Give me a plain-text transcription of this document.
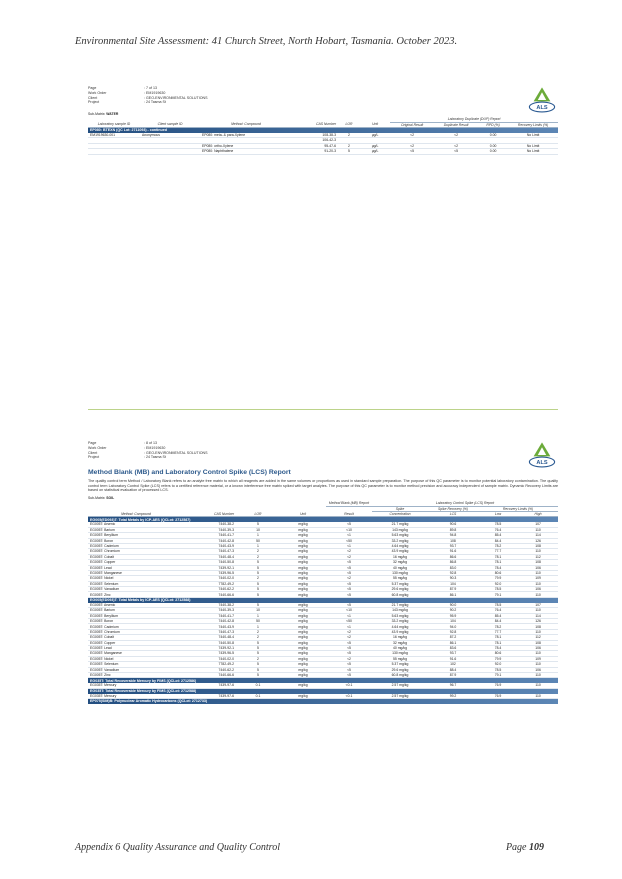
Environmental Site Assessment: 41 Church Street, North Hobart, Tasmania. October 2023.
Page	: 7 of 13
Work Order	: EM1919630
Client	: GEO-ENVIRONMENTAL SOLUTIONS
Project	: 24 Tasma St
ALS
Sub-Matrix: WATER
						Laboratory Duplicate (DUP) Report			
Laboratory sample ID	Client sample ID	Method: Compound	CAS Number	LOR	Unit	Original Result	Duplicate Result	RPD (%)	Recovery Limits (%)
EP080: BTEXN (QC Lot: 2711093) - continued									
EM1919630-001	Anonymous	EP080: meta- & para-Xylene	108-38-3	2	µg/L	<2	<2	0.00	No Limit
			106-42-3						
		EP080: ortho-Xylene	95-47-6	2	µg/L	<2	<2	0.00	No Limit
		EP080: Naphthalene	91-20-3	5	µg/L	<5	<5	0.00	No Limit
Page	: 8 of 13
Work Order	: EM1919630
Client	: GEO-ENVIRONMENTAL SOLUTIONS
Project	: 24 Tasma St
ALS
Method Blank (MB) and Laboratory Control Spike (LCS) Report
The quality control term Method / Laboratory Blank refers to an analyte free matrix to which all reagents are added in the same volumes or proportions as used in standard sample preparation. The purpose of this QC parameter is to monitor potential laboratory contamination. The quality control term Laboratory Control Spike (LCS) refers to a certified reference material, or a known interference free matrix spiked with target analytes. The purpose of this QC parameter is to monitor method precision and accuracy independent of sample matrix. Dynamic Recovery Limits are based on statistical evaluation of processed LCS.
Sub-Matrix: SOIL
				Method Blank (MB) Report	Laboratory Control Spike (LCS) Report			
					Spike	Spike Recovery (%)	Recovery Limits (%)	
Method: Compound	CAS Number	LOR	Unit	Result	Concentration	LCS	Low	High
EG005(ED093)T: Total Metals by ICP-AES (QCLot: 2712587)								
EG005T: Arsenic	7440-38-2	5	mg/kg	<5	21.7 mg/kg	90.6	78.5	107
EG005T: Barium	7440-39-3	10	mg/kg	<10	143 mg/kg	89.8	76.4	110
EG005T: Beryllium	7440-41-7	1	mg/kg	<1	5.63 mg/kg	94.8	85.4	114
EG005T: Boron	7440-42-8	50	mg/kg	<50	33.2 mg/kg	108	84.4	126
EG005T: Cadmium	7440-43-9	1	mg/kg	<1	4.64 mg/kg	93.7	78.2	108
EG005T: Chromium	7440-47-3	2	mg/kg	<2	43.9 mg/kg	91.6	77.7	110
EG005T: Cobalt	7440-48-4	2	mg/kg	<2	16 mg/kg	86.6	78.1	112
EG005T: Copper	7440-50-8	5	mg/kg	<5	32 mg/kg	86.8	78.1	108
EG005T: Lead	7439-92-1	5	mg/kg	<5	40 mg/kg	83.0	78.4	106
EG005T: Manganese	7439-96-5	5	mg/kg	<5	130 mg/kg	92.8	80.6	110
EG005T: Nickel	7440-02-0	2	mg/kg	<2	55 mg/kg	90.3	79.9	109
EG005T: Selenium	7782-49-2	5	mg/kg	<5	5.37 mg/kg	104	92.0	110
EG005T: Vanadium	7440-62-2	5	mg/kg	<5	29.6 mg/kg	87.9	78.5	106
EG005T: Zinc	7440-66-6	5	mg/kg	<5	60.8 mg/kg	86.1	79.1	110
EG005(ED093)T: Total Metals by ICP-AES (QCLot: 2712588)								
EG005T: Arsenic	7440-38-2	5	mg/kg	<5	21.7 mg/kg	90.0	78.5	107
EG005T: Barium	7440-39-3	10	mg/kg	<10	143 mg/kg	90.2	76.4	110
EG005T: Beryllium	7440-41-7	1	mg/kg	<1	5.63 mg/kg	95.9	85.4	114
EG005T: Boron	7440-42-8	50	mg/kg	<50	33.2 mg/kg	104	84.4	126
EG005T: Cadmium	7440-43-9	1	mg/kg	<1	4.64 mg/kg	94.0	78.2	108
EG005T: Chromium	7440-47-3	2	mg/kg	<2	43.9 mg/kg	92.8	77.7	110
EG005T: Cobalt	7440-48-4	2	mg/kg	<2	16 mg/kg	87.2	78.1	112
EG005T: Copper	7440-50-8	5	mg/kg	<5	32 mg/kg	86.1	78.1	108
EG005T: Lead	7439-92-1	5	mg/kg	<5	40 mg/kg	83.6	78.4	106
EG005T: Manganese	7439-96-5	5	mg/kg	<5	130 mg/kg	93.7	80.6	110
EG005T: Nickel	7440-02-0	2	mg/kg	<2	55 mg/kg	91.6	79.9	109
EG005T: Selenium	7782-49-2	5	mg/kg	<5	5.37 mg/kg	102	92.0	110
EG005T: Vanadium	7440-62-2	5	mg/kg	<5	29.6 mg/kg	88.4	78.5	106
EG005T: Zinc	7440-66-6	5	mg/kg	<5	60.8 mg/kg	87.9	79.1	110
EG035T: Total Recoverable Mercury by FIMS (QCLot: 2712586)								
EG035T: Mercury	7439-97-6	0.1	mg/kg	<0.1	2.57 mg/kg	96.7	76.9	110
EG035T: Total Recoverable Mercury by FIMS (QCLot: 2712588)								
EG035T: Mercury	7439-97-6	0.1	mg/kg	<0.1	2.57 mg/kg	99.2	76.9	110
EP075(SIM)B: Polynuclear Aromatic Hydrocarbons (QCLot: 2712733)								
Appendix 6 Quality Assurance and Quality Control	Page 109
